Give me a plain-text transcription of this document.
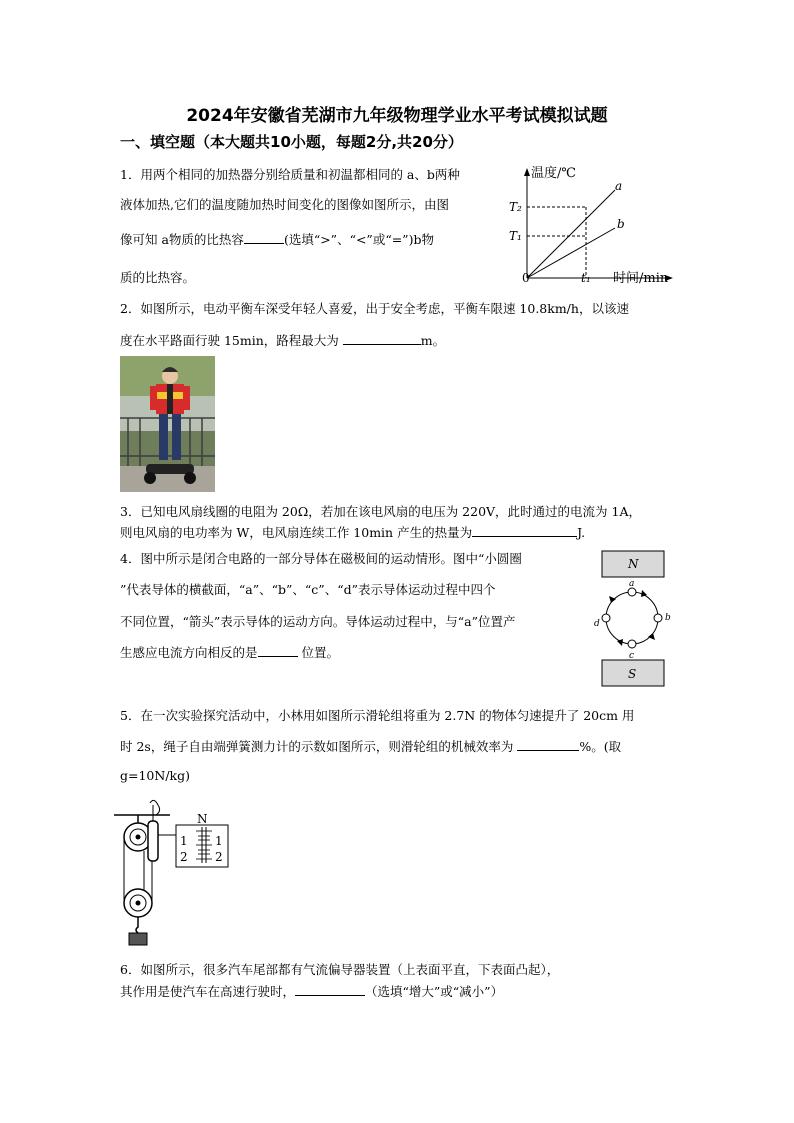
2024年安徽省芜湖市九年级物理学业水平考试模拟试题
一、填空题（本大题共10小题，每题2分,共20分）
1．用两个相同的加热器分别给质量和初温都相同的 a、b两种
液体加热,它们的温度随加热时间变化的图像如图所示，由图
像可知 a物质的比热容	(选填“>”、“<”或“=”)b物
质的比热容。
温度/℃
时间/min
T₂
T₁
t₁
0
a
b
2．如图所示，电动平衡车深受年轻人喜爱，出于安全考虑，平衡车限速 10.8km/h，以该速
度在水平路面行驶 15min，路程最大为	m。
3．已知电风扇线圈的电阻为 20Ω，若加在该电风扇的电压为 220V，此时通过的电流为 1A，
则电风扇的电功率为 W，电风扇连续工作 10min 产生的热量为	J.
4．图中所示是闭合电路的一部分导体在磁极间的运动情形。图中“小圆圈
”代表导体的横截面，“a”、“b”、“c”、“d”表示导体运动过程中四个
不同位置，“箭头”表示导体的运动方向。导体运动过程中，与“a”位置产
生感应电流方向相反的是	位置。
N
S
a
b
c
d
5．在一次实验探究活动中，小林用如图所示滑轮组将重为 2.7N 的物体匀速提升了 20cm 用
时 2s，绳子自由端弹簧测力计的示数如图所示，则滑轮组的机械效率为	%。(取
g=10N/kg)
N
1
2
1
2
6．如图所示，很多汽车尾部都有气流偏导器装置（上表面平直，下表面凸起），
其作用是使汽车在高速行驶时，	（选填“增大”或“减小”）
